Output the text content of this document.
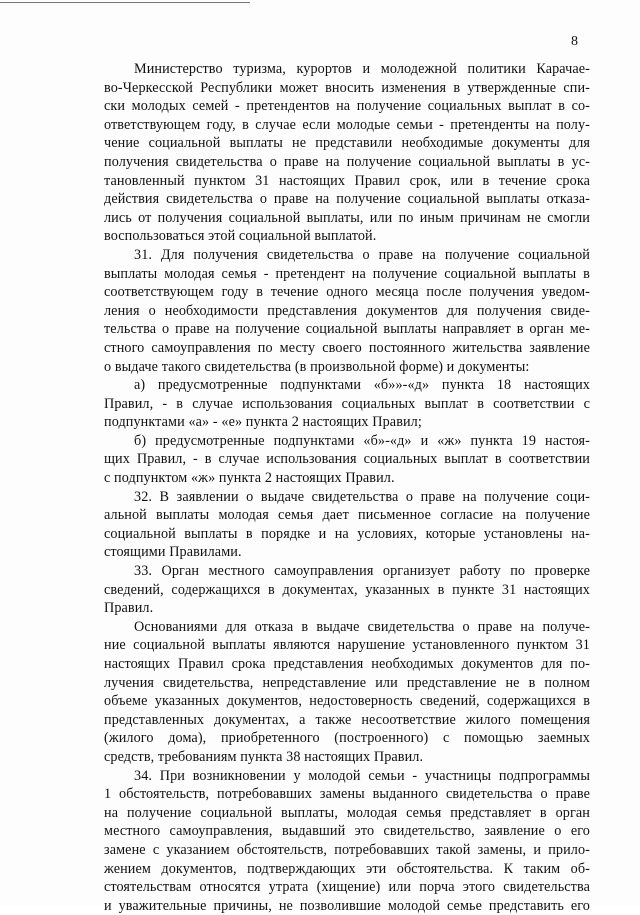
8

Министерство туризма, курортов и молодежной политики Карачае-

во-Черкесской Республики может вносить изменения в утвержденные спи-

ски молодых семей - претендентов на получение социальных выплат в со-

ответствующем году, в случае если молодые семьи - претенденты на полу-

чение социальной выплаты не представили необходимые документы для

получения свидетельства о праве на получение социальной выплаты в ус-

тановленный пунктом 31 настоящих Правил срок, или в течение срока

действия свидетельства о праве на получение социальной выплаты отказа-

лись от получения социальной выплаты, или по иным причинам не смогли

воспользоваться этой социальной выплатой.

31. Для получения свидетельства о праве на получение социальной

выплаты молодая семья - претендент на получение социальной выплаты в

соответствующем году в течение одного месяца после получения уведом-

ления о необходимости представления документов для получения свиде-

тельства о праве на получение социальной выплаты направляет в орган ме-

стного самоуправления по месту своего постоянного жительства заявление

о выдаче такого свидетельства (в произвольной форме) и документы:

а) предусмотренные подпунктами «б»»-«д» пункта 18 настоящих

Правил, - в случае использования социальных выплат в соответствии с

подпунктами «а» - «е» пункта 2 настоящих Правил;

б) предусмотренные подпунктами «б»-«д» и «ж» пункта 19 настоя-

щих Правил, - в случае использования социальных выплат в соответствии

с подпунктом «ж» пункта 2 настоящих Правил.

32. В заявлении о выдаче свидетельства о праве на получение соци-

альной выплаты молодая семья дает письменное согласие на получение

социальной выплаты в порядке и на условиях, которые установлены на-

стоящими Правилами.

33. Орган местного самоуправления организует работу по проверке

сведений, содержащихся в документах, указанных в пункте 31 настоящих

Правил.

Основаниями для отказа в выдаче свидетельства о праве на получе-

ние социальной выплаты являются нарушение установленного пунктом 31

настоящих Правил срока представления необходимых документов для по-

лучения свидетельства, непредставление или представление не в полном

объеме указанных документов, недостоверность сведений, содержащихся в

представленных документах, а также несоответствие жилого помещения

(жилого дома), приобретенного (построенного) с помощью заемных

средств, требованиям пункта 38 настоящих Правил.

34. При возникновении у молодой семьи - участницы подпрограммы

1 обстоятельств, потребовавших замены выданного свидетельства о праве

на получение социальной выплаты, молодая семья представляет в орган

местного самоуправления, выдавший это свидетельство, заявление о его

замене с указанием обстоятельств, потребовавших такой замены, и прило-

жением документов, подтверждающих эти обстоятельства. К таким об-

стоятельствам относятся утрата (хищение) или порча этого свидетельства

и уважительные причины, не позволившие молодой семье представить его
